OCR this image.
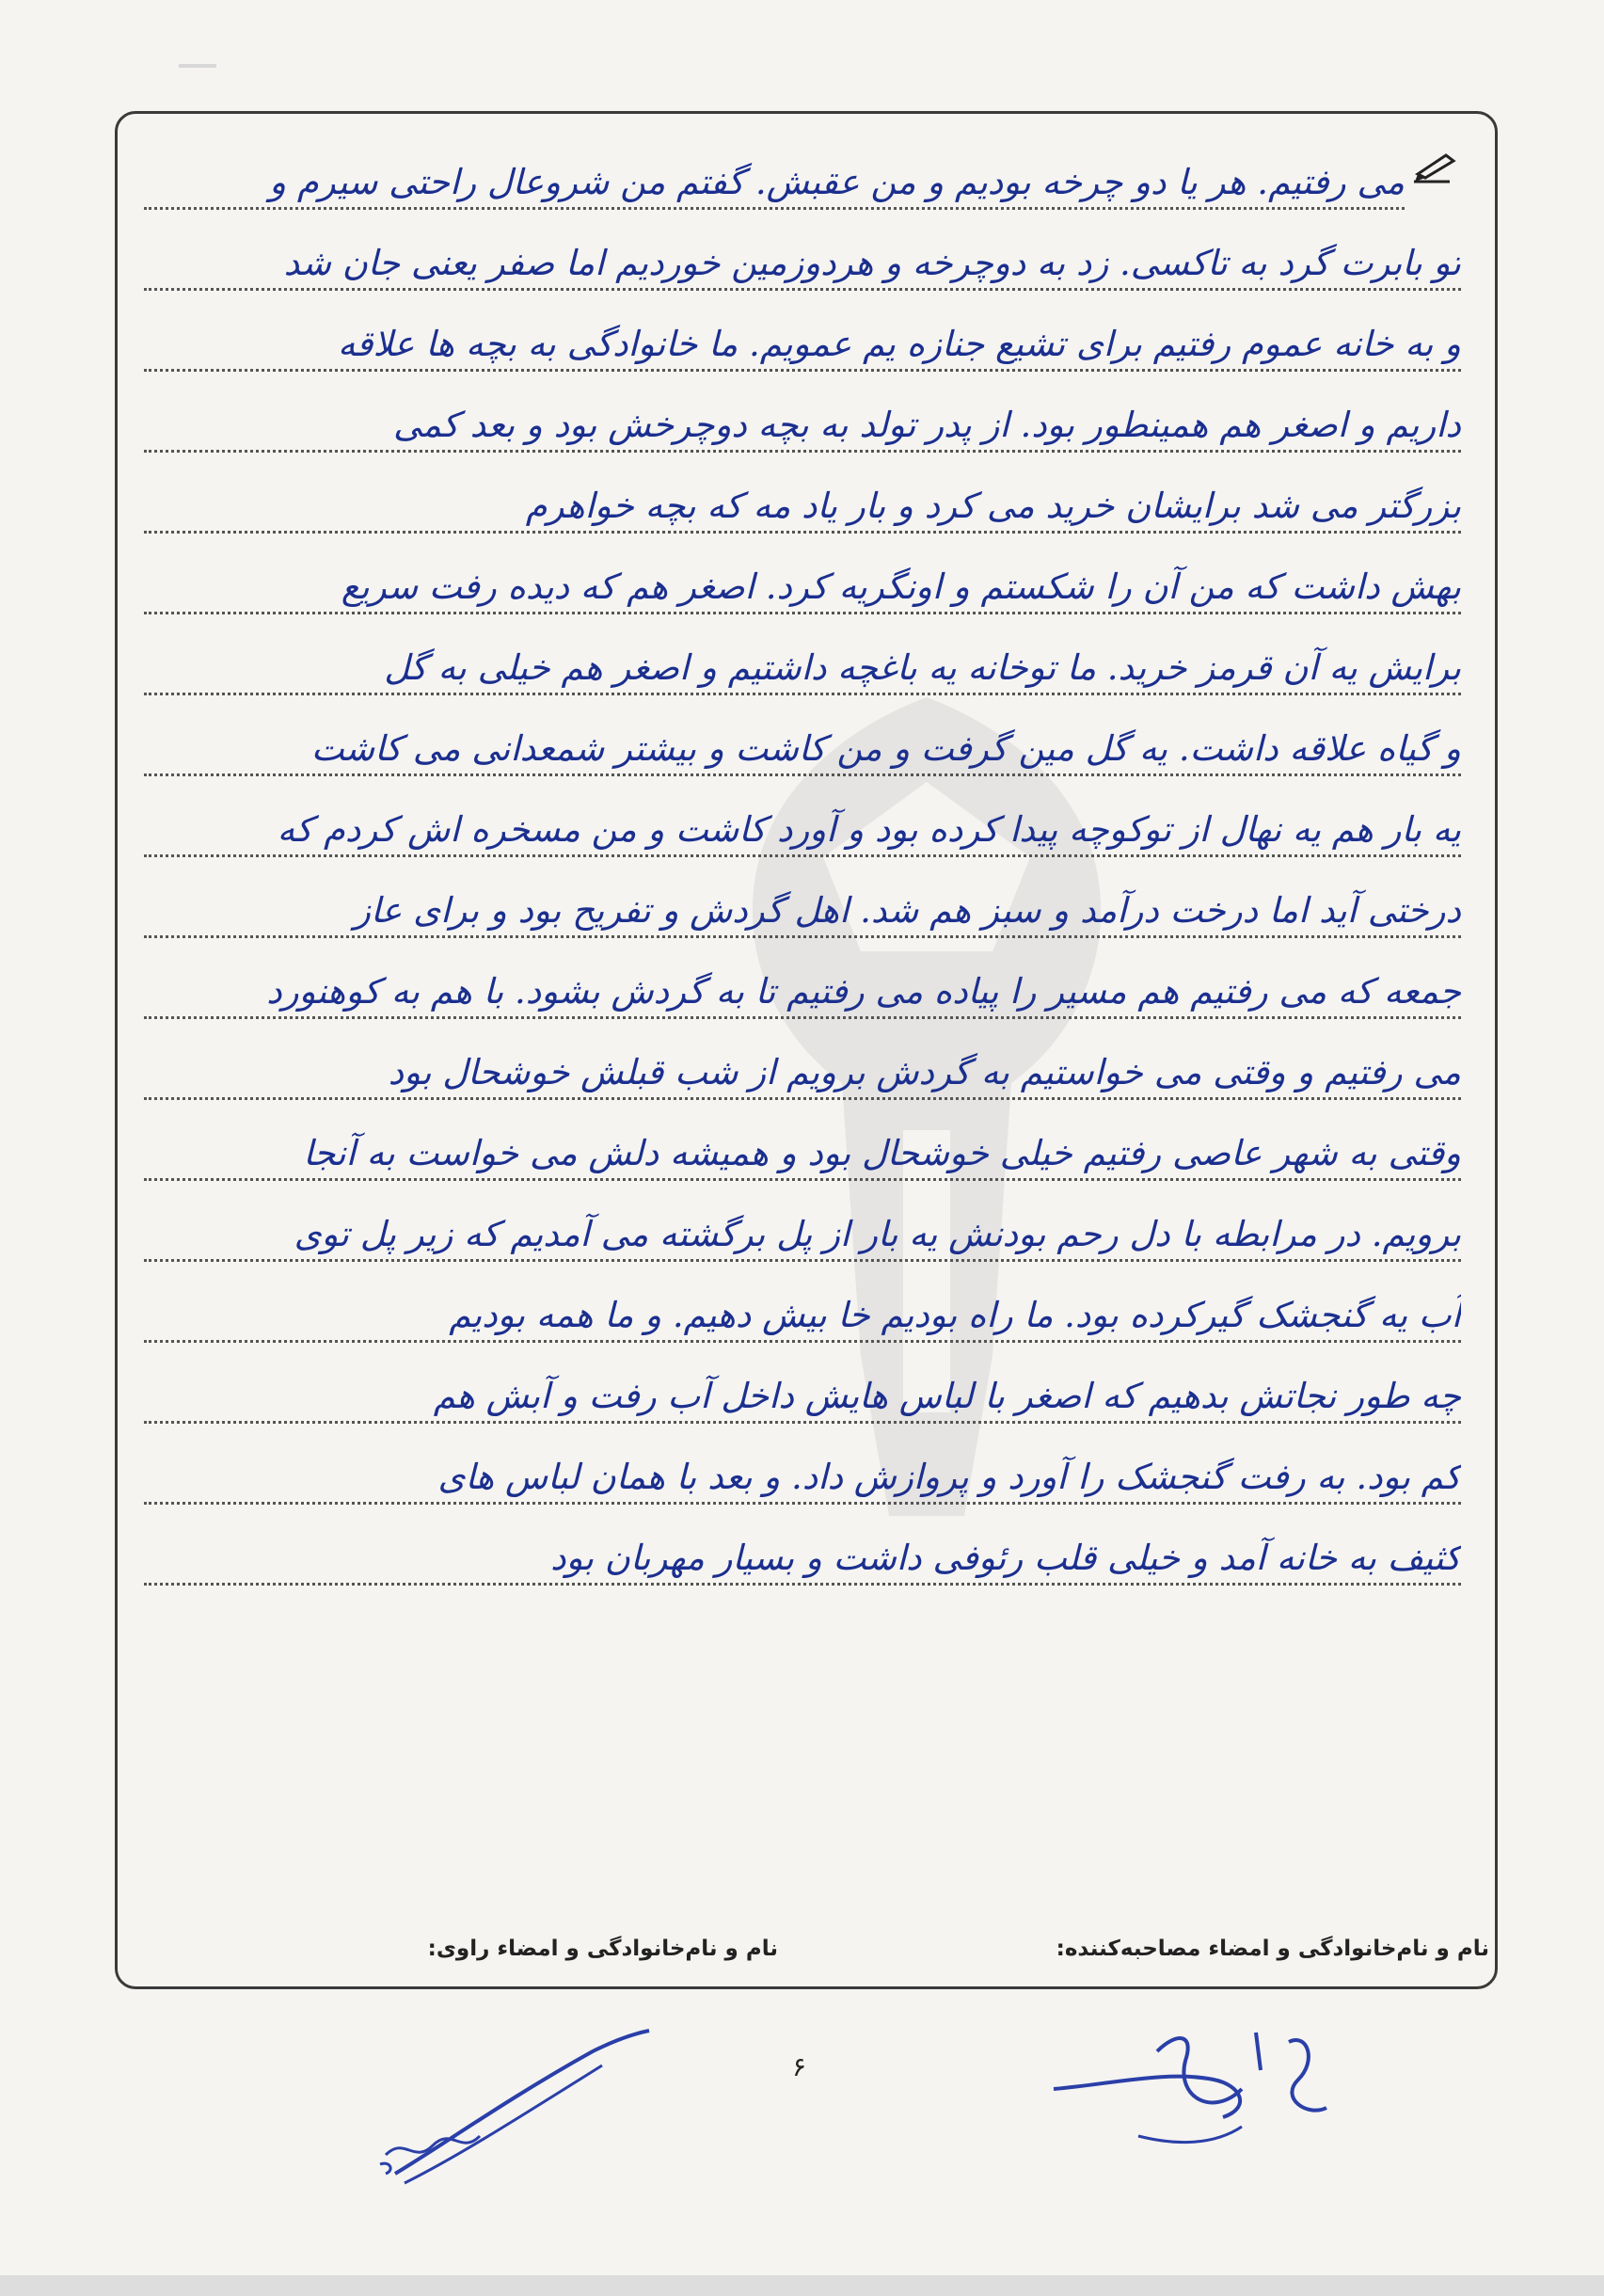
می رفتیم. هر یا دو چرخه بودیم و من عقبش. گفتم من شروعال راحتی سیرم و
تو بابرت گرد به تاکسی. زد به دوچرخه و هردوزمین خوردیم اما صفر یعنی جان شد
و به خانه عموم رفتیم برای تشیع جنازه یم عمویم. ما خانوادگی به بچه ها علاقه
داریم و اصغر هم همینطور بود. از پدر تولد به بچه دوچرخش بود و بعد کمی
بزرگتر می شد برایشان خرید می کرد و بار یاد مه که بچه خواهرم
بهش داشت که من آن را شکستم و اونگریه کرد. اصغر هم که دیده رفت سریع
برایش یه آن قرمز خرید. ما توخانه یه باغچه داشتیم و اصغر هم خیلی به گل
و گیاه علاقه داشت. یه گل مین گرفت و من کاشت و بیشتر شمعدانی می کاشت
یه بار هم یه نهال از توکوچه پیدا کرده بود و آورد کاشت و من مسخره اش کردم که
درختی آید اما درخت درآمد و سبز هم شد. اهل گردش و تفریح بود و برای عاز
جمعه که می رفتیم هم مسیر را پیاده می رفتیم تا به گردش بشود. با هم به کوهنورد
می رفتیم و وقتی می خواستیم به گردش برویم از شب قبلش خوشحال بود
وقتی به شهر عاصی رفتیم خیلی خوشحال بود و همیشه دلش می خواست به آنجا
برویم. در مرابطه با دل رحم بودنش یه بار از پل برگشته می آمدیم که زیر پل توی
آب یه گنجشک گیرکرده بود. ما راه بودیم خا بیش دهیم. و ما همه بودیم
چه طور نجاتش بدهیم که اصغر با لباس هایش داخل آب رفت و آبش هم
کم بود. به رفت گنجشک را آورد و پروازش داد. و بعد با همان لباس های
کثیف به خانه آمد و خیلی قلب رئوفی داشت و بسیار مهربان بود
نام و نام‌خانوادگی و امضاء مصاحبه‌کننده:
نام و نام‌خانوادگی و امضاء راوی:
۶
